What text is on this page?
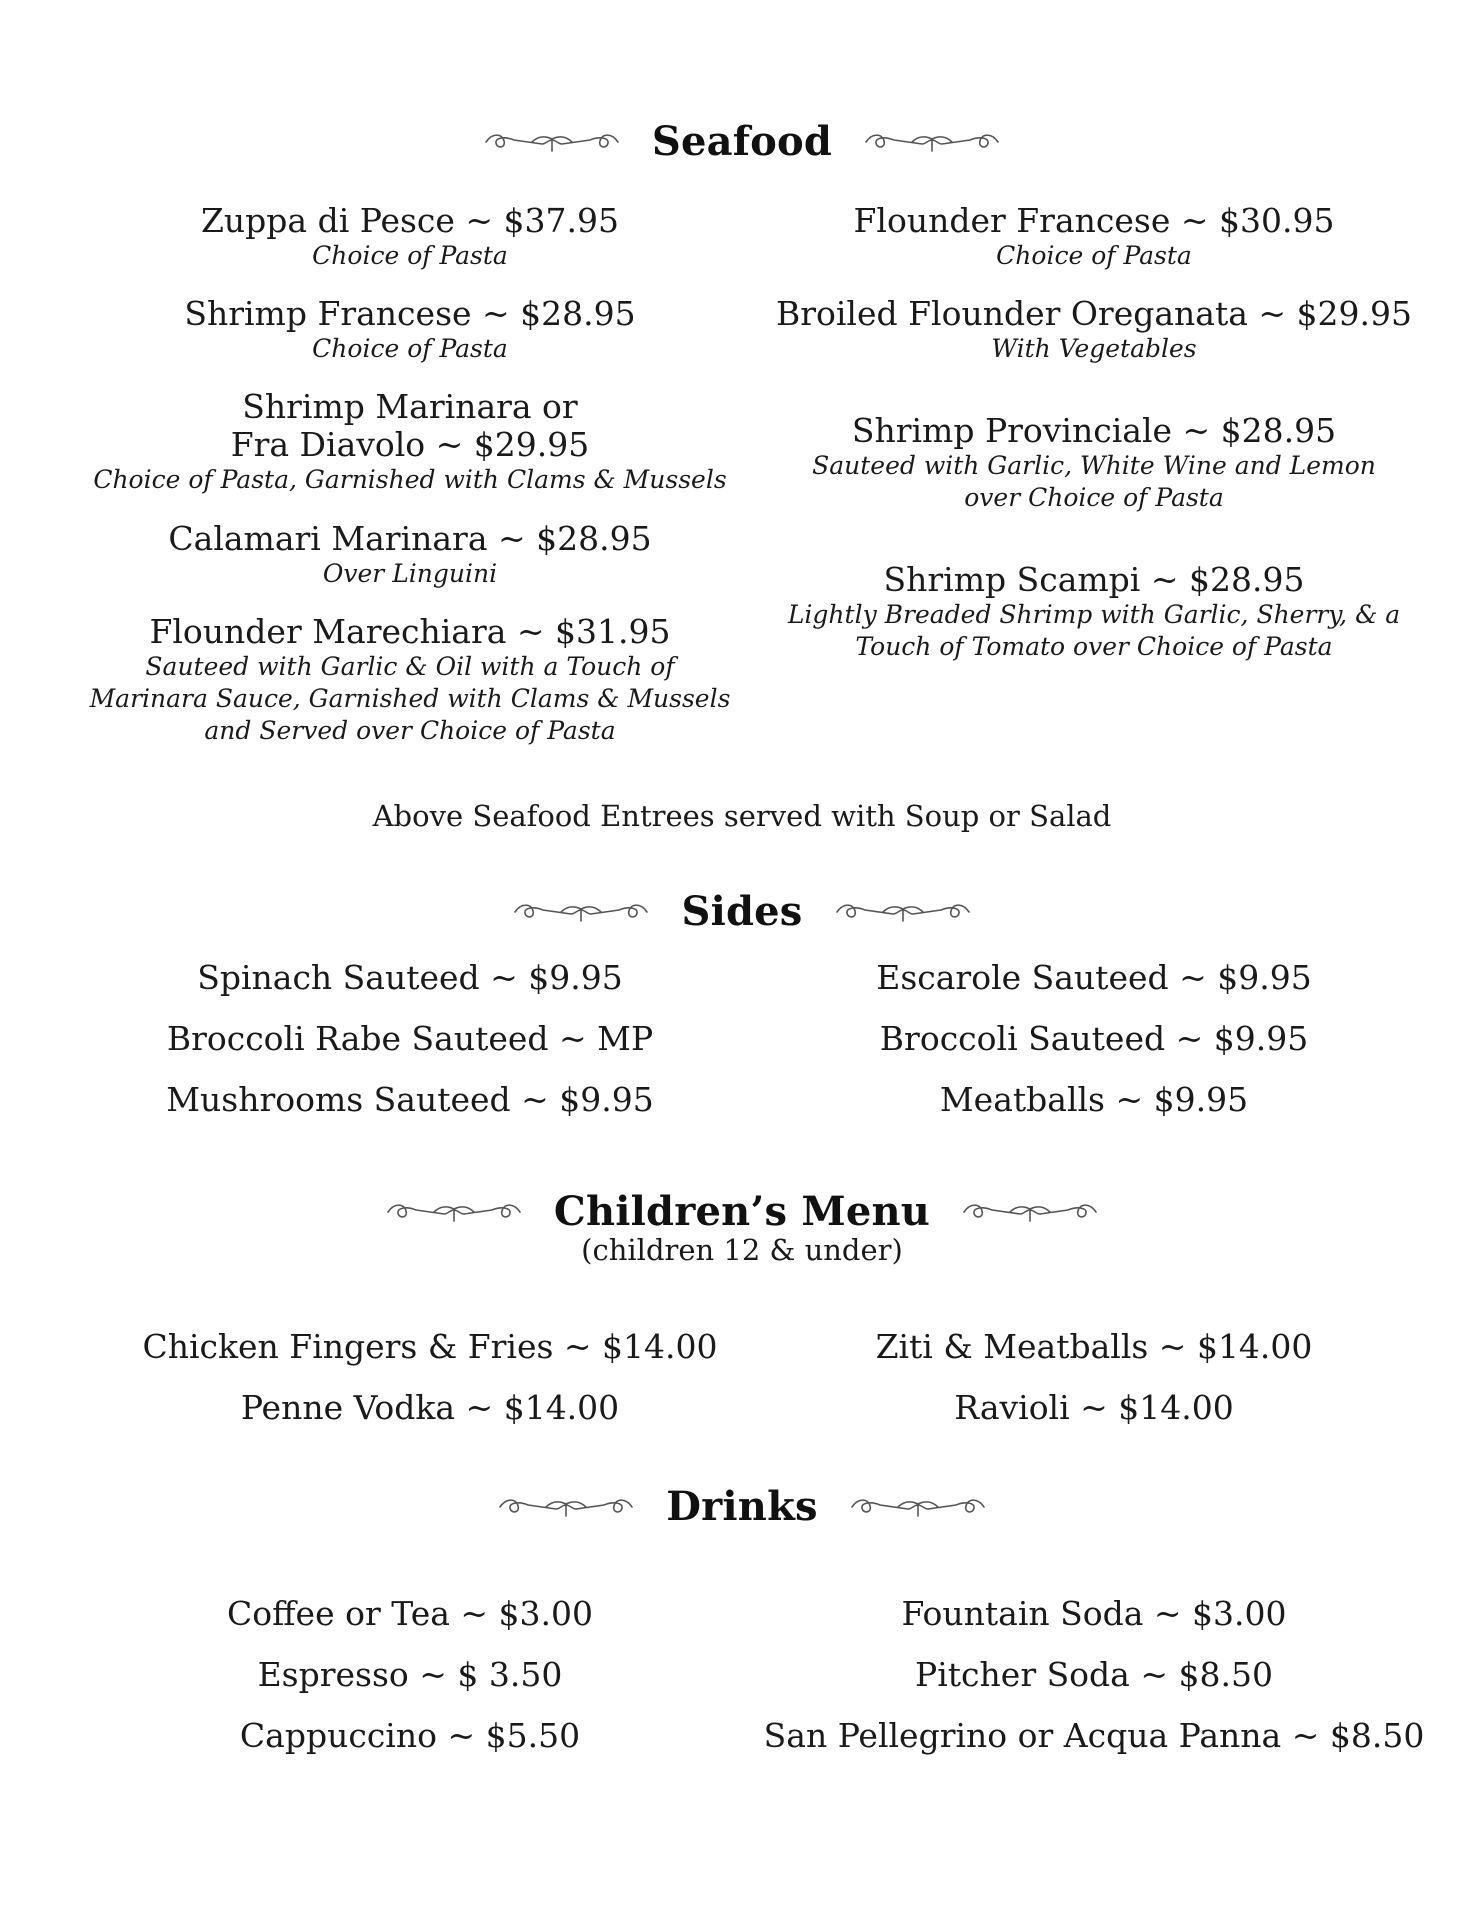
Seafood
Zuppa di Pesce ~ $37.95
Choice of Pasta
Shrimp Francese ~ $28.95
Choice of Pasta
Shrimp Marinara or
Fra Diavolo ~ $29.95
Choice of Pasta, Garnished with Clams & Mussels
Calamari Marinara ~ $28.95
Over Linguini
Flounder Marechiara ~ $31.95
Sauteed with Garlic & Oil with a Touch of
Marinara Sauce, Garnished with Clams & Mussels
and Served over Choice of Pasta
Flounder Francese ~ $30.95
Choice of Pasta
Broiled Flounder Oreganata ~ $29.95
With Vegetables
Shrimp Provinciale ~ $28.95
Sauteed with Garlic, White Wine and Lemon
over Choice of Pasta
Shrimp Scampi ~ $28.95
Lightly Breaded Shrimp with Garlic, Sherry, & a
Touch of Tomato over Choice of Pasta
Above Seafood Entrees served with Soup or Salad
Sides
Spinach Sauteed ~ $9.95
Broccoli Rabe Sauteed ~ MP
Mushrooms Sauteed ~ $9.95
Escarole Sauteed ~ $9.95
Broccoli Sauteed ~ $9.95
Meatballs ~ $9.95
Children’s Menu
(children 12 & under)
Chicken Fingers & Fries ~ $14.00
Penne Vodka ~ $14.00
Ziti & Meatballs ~ $14.00
Ravioli ~ $14.00
Drinks
Coffee or Tea ~ $3.00
Espresso ~ $ 3.50
Cappuccino ~ $5.50
Fountain Soda ~ $3.00
Pitcher Soda ~ $8.50
San Pellegrino or Acqua Panna ~ $8.50
